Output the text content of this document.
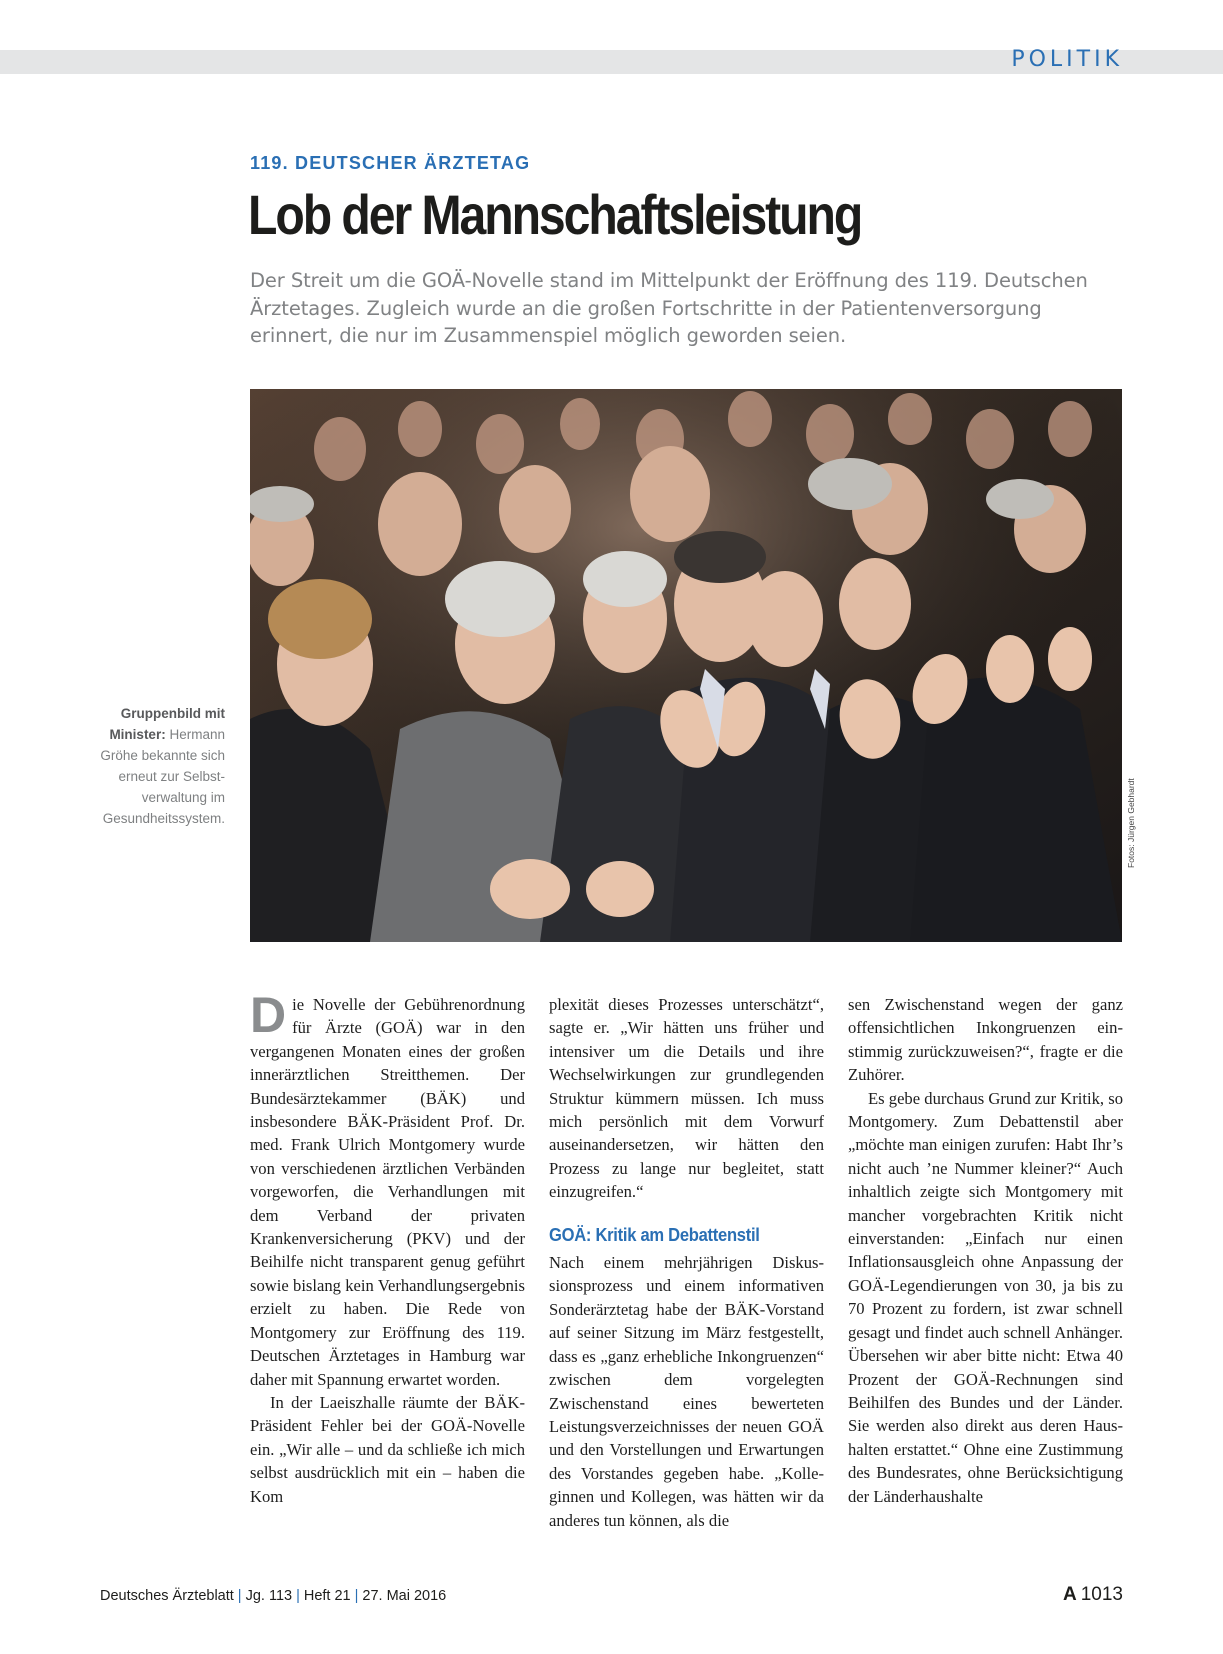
POLITIK
119. DEUTSCHER ÄRZTETAG
Lob der Mannschaftsleistung

Der Streit um die GOÄ-Novelle stand im Mittelpunkt der Eröffnung des 119. Deutschen Ärztetages. Zugleich wurde an die großen Fortschritte in der Patientenversorgung erinnert, die nur im Zusammenspiel möglich geworden seien.

Fotos: Jürgen Gebhardt
Gruppenbild mit Minister: Hermann Gröhe bekannte sich erneut zur Selbstverwaltung im Gesundheitssystem.

Die Novelle der Gebührenordnung für Ärzte (GOÄ) war in den vergangenen Monaten eines der großen innerärztlichen Streitthemen. Der Bundesärztekammer (BÄK) und insbesondere BÄK-Präsident Prof. Dr. med. Frank Ulrich Montgomery wurde von verschiedenen ärztlichen Verbänden vorgeworfen, die Verhandlungen mit dem Verband der privaten Krankenversicherung (PKV) und der Beihilfe nicht transparent genug geführt sowie bislang kein Verhandlungsergebnis erzielt zu haben. Die Rede von Montgomery zur Eröffnung des 119. Deutschen Ärztetages in Hamburg war daher mit Spannung erwartet worden.

In der Laeiszhalle räumte der BÄK-Präsident Fehler bei der GOÄ-Novelle ein. „Wir alle – und da schließe ich mich selbst ausdrücklich mit ein – haben die Kom

plexität dieses Prozesses unterschätzt“, sagte er. „Wir hätten uns früher und intensiver um die Details und ihre Wechselwirkungen zur grundlegenden Struktur kümmern müssen. Ich muss mich persönlich mit dem Vorwurf auseinandersetzen, wir hätten den Prozess zu lange nur begleitet, statt einzugreifen.“

GOÄ: Kritik am Debattenstil

Nach einem mehrjährigen Diskussionsprozess und einem informativen Sonderärztetag habe der BÄK-Vorstand auf seiner Sitzung im März festgestellt, dass es „ganz erhebliche Inkongruenzen“ zwischen dem vorgelegten Zwischenstand eines bewerteten Leistungsverzeichnisses der neuen GOÄ und den Vorstellungen und Erwartungen des Vorstandes gegeben habe. „Kolleginnen und Kollegen, was hätten wir da anderes tun können, als die

sen Zwischenstand wegen der ganz offensichtlichen Inkongruenzen einstimmig zurückzuweisen?“, fragte er die Zuhörer.

Es gebe durchaus Grund zur Kritik, so Montgomery. Zum Debattenstil aber „möchte man einigen zurufen: Habt Ihr’s nicht auch ’ne Nummer kleiner?“ Auch inhaltlich zeigte sich Montgomery mit mancher vorgebrachten Kritik nicht einverstanden: „Einfach nur einen Inflationsausgleich ohne Anpassung der GOÄ-Legendierungen von 30, ja bis zu 70 Prozent zu fordern, ist zwar schnell gesagt und findet auch schnell Anhänger. Übersehen wir aber bitte nicht: Etwa 40 Prozent der GOÄ-Rechnungen sind Beihilfen des Bundes und der Länder. Sie werden also direkt aus deren Haushalten erstattet.“ Ohne eine Zustimmung des Bundesrates, ohne Berücksichtigung der Länderhaushalte

Deutsches Ärzteblatt | Jg. 113 | Heft 21 | 27. Mai 2016	A 1013
